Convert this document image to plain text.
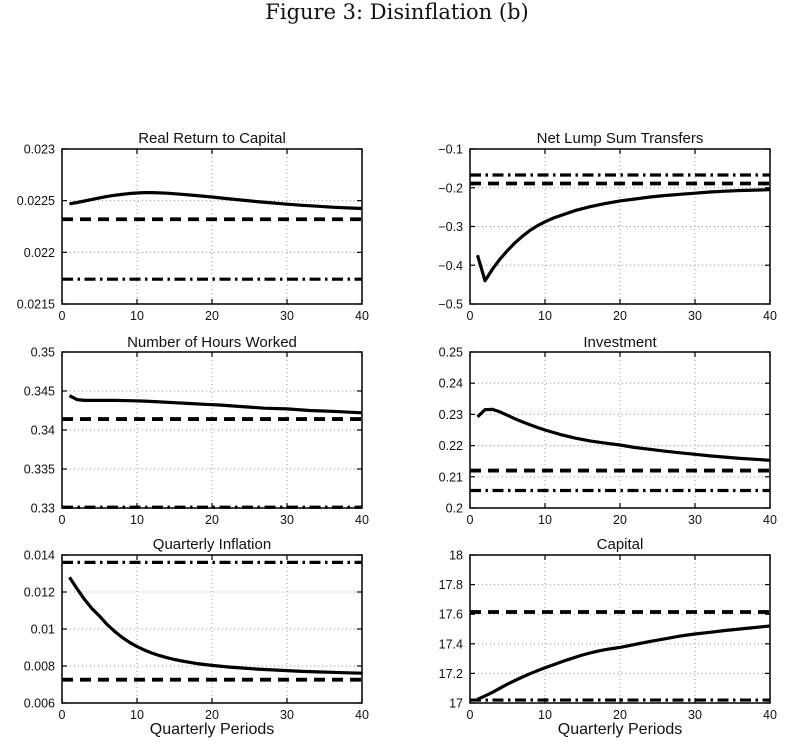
Figure 3: Disinflation (b)
Real Return to Capital	Net Lump Sum Transfers
Number of Hours Worked	Investment
Quarterly Inflation	Capital
0	10	20	30	40
0.0215
0.022
0.0225
0.023
0	10	20	30	40
−0.5
−0.4
−0.3
−0.2
−0.1
0	10	20	30	40
0.33
0.335
0.34
0.345
0.35
0	10	20	30	40
0.2
0.21
0.22
0.23
0.24
0.25
0	10	20	30	40
0.006
0.008
0.01
0.012
0.014
0	10	20	30	40
17
17.2
17.4
17.6
17.8
18
Quarterly Periods	Quarterly Periods
